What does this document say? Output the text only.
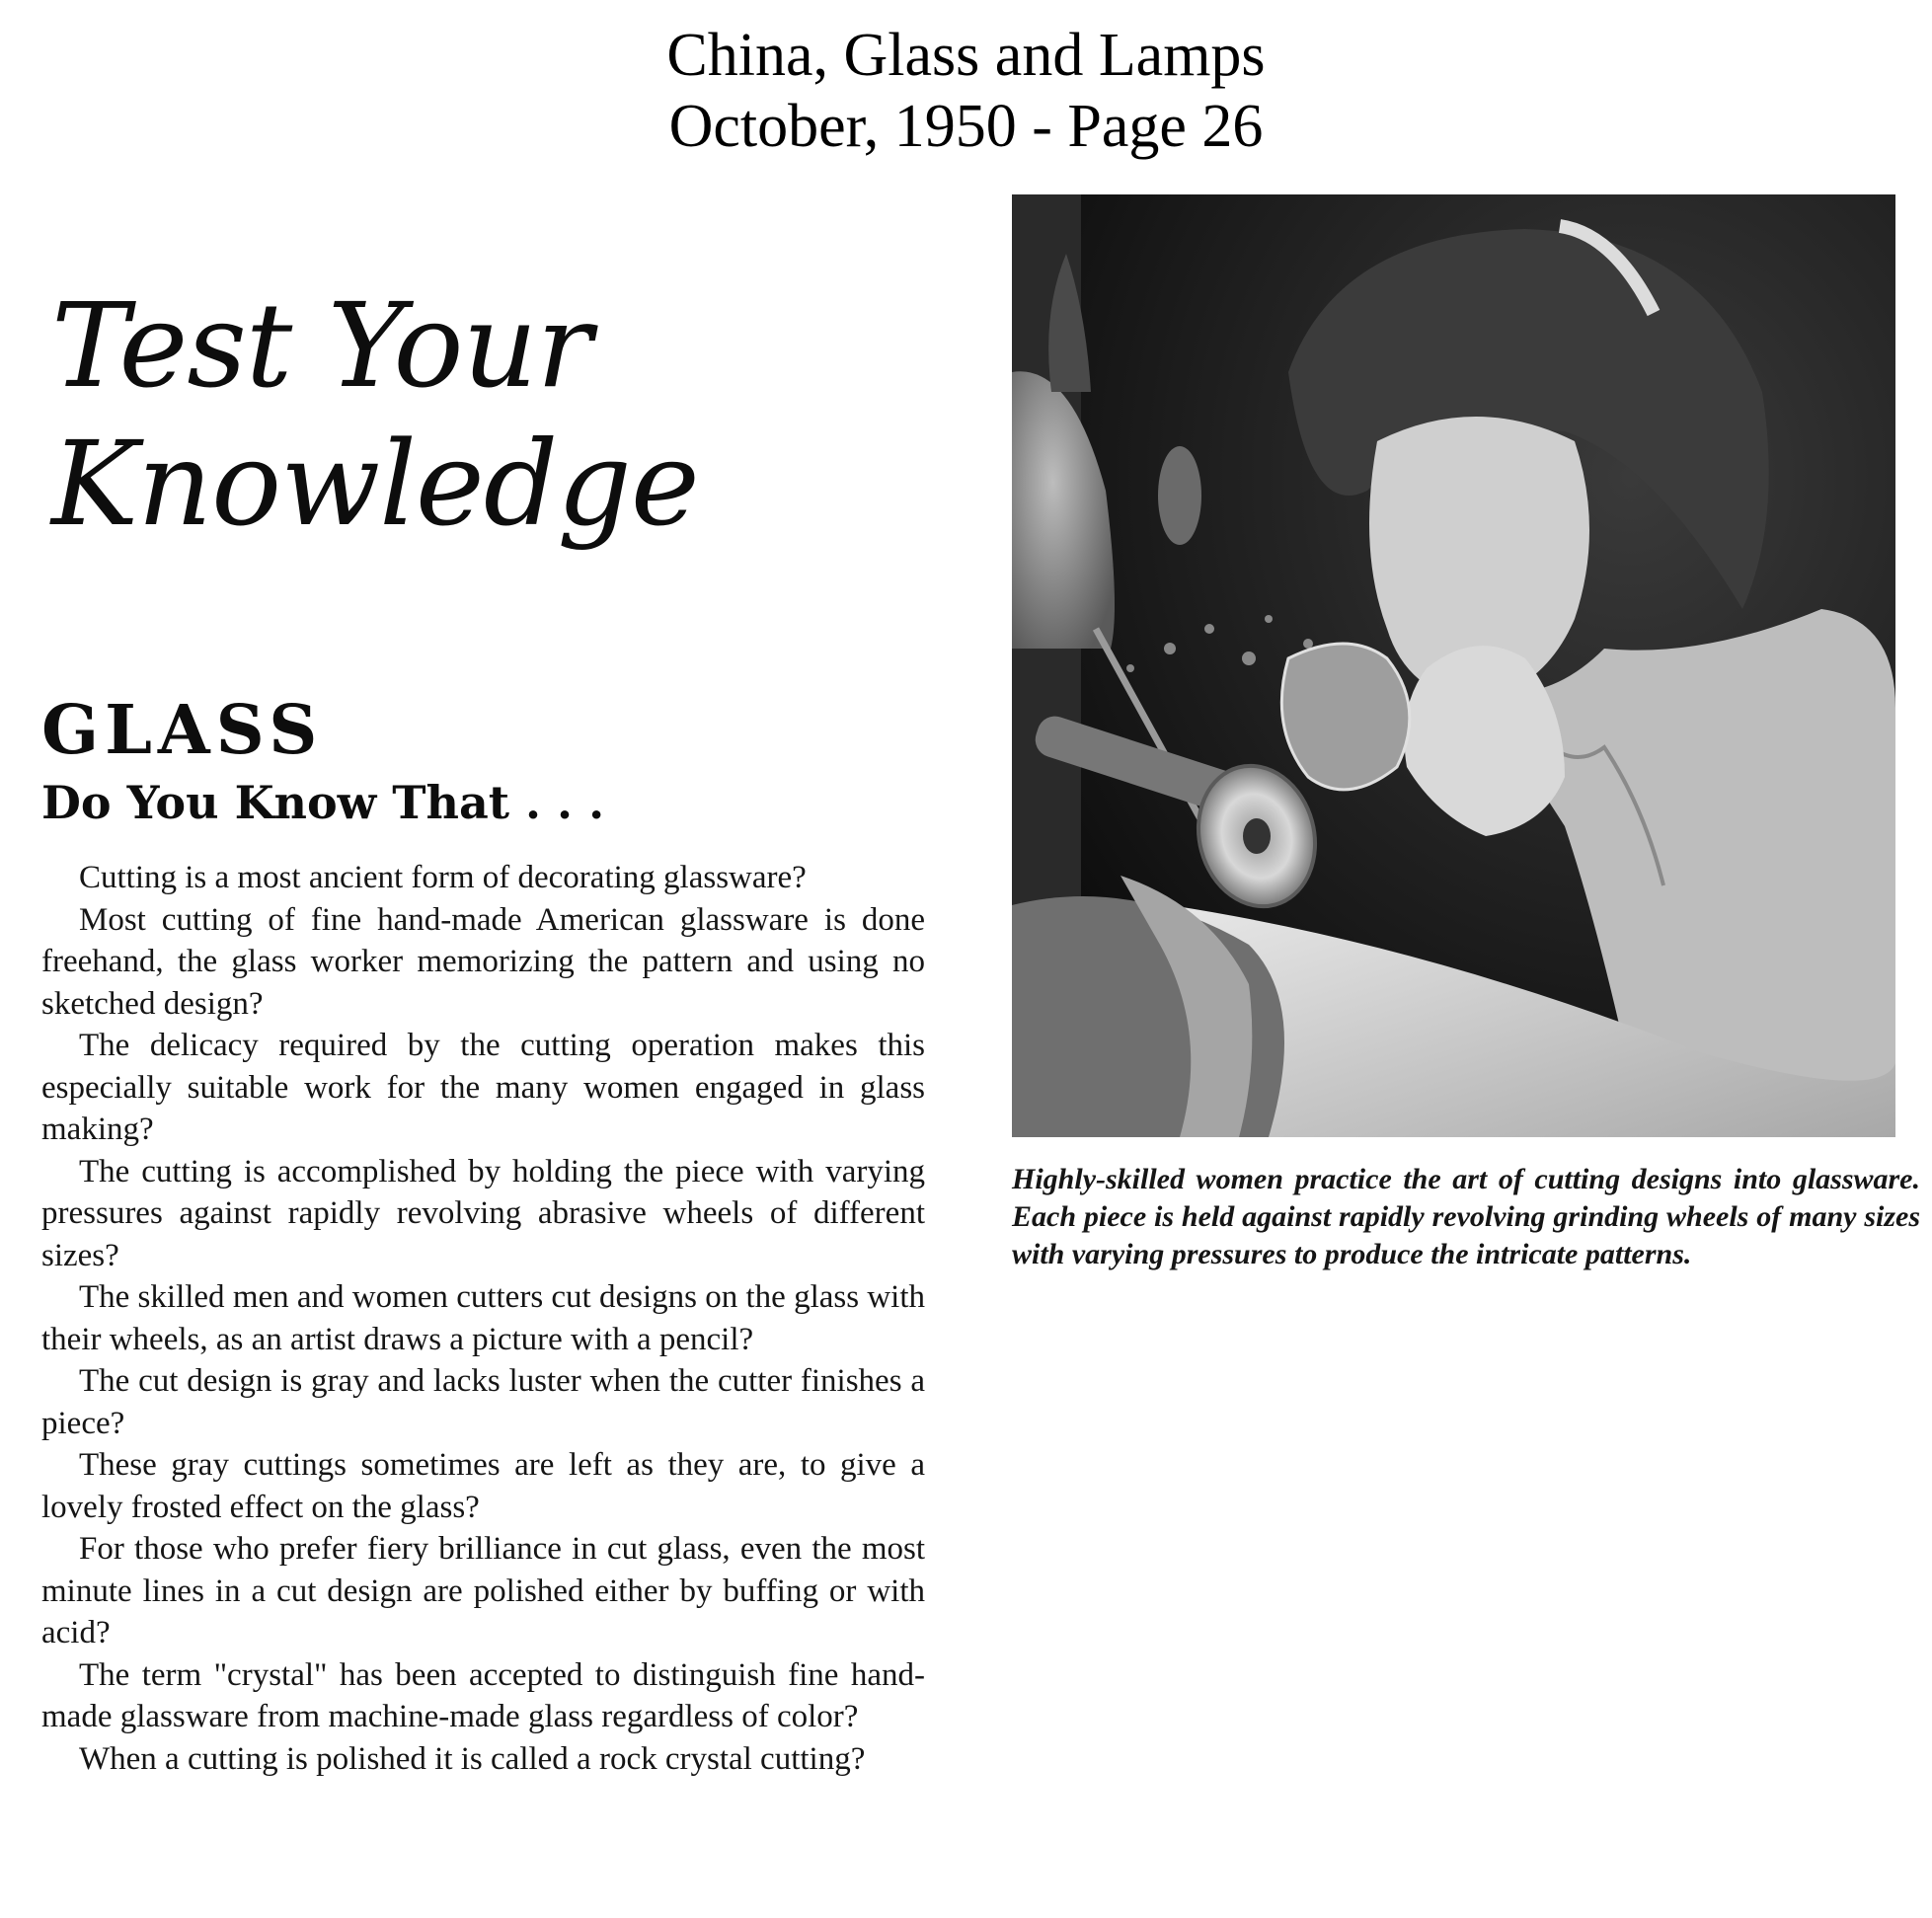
China, Glass and Lamps
October, 1950 - Page 26
Test Your
Knowledge
GLASS
Do You Know That . . .

Cutting is a most ancient form of decorating glassware?

Most cutting of fine hand-made American glassware is done freehand, the glass worker memorizing the pattern and using no sketched design?

The delicacy required by the cutting operation makes this especially suitable work for the many women engaged in glass making?

The cutting is accomplished by holding the piece with varying pressures against rapidly revolving abrasive wheels of different sizes?

The skilled men and women cutters cut designs on the glass with their wheels, as an artist draws a picture with a pencil?

The cut design is gray and lacks luster when the cutter finishes a piece?

These gray cuttings sometimes are left as they are, to give a lovely frosted effect on the glass?

For those who prefer fiery brilliance in cut glass, even the most minute lines in a cut design are polished either by buffing or with acid?

The term "crystal" has been accepted to distinguish fine hand-made glassware from machine-made glass regardless of color?

When a cutting is polished it is called a rock crystal cutting?

Highly-skilled women practice the art of cutting designs into glassware. Each piece is held against rapidly revolving grinding wheels of many sizes with varying pressures to produce the intricate patterns.
